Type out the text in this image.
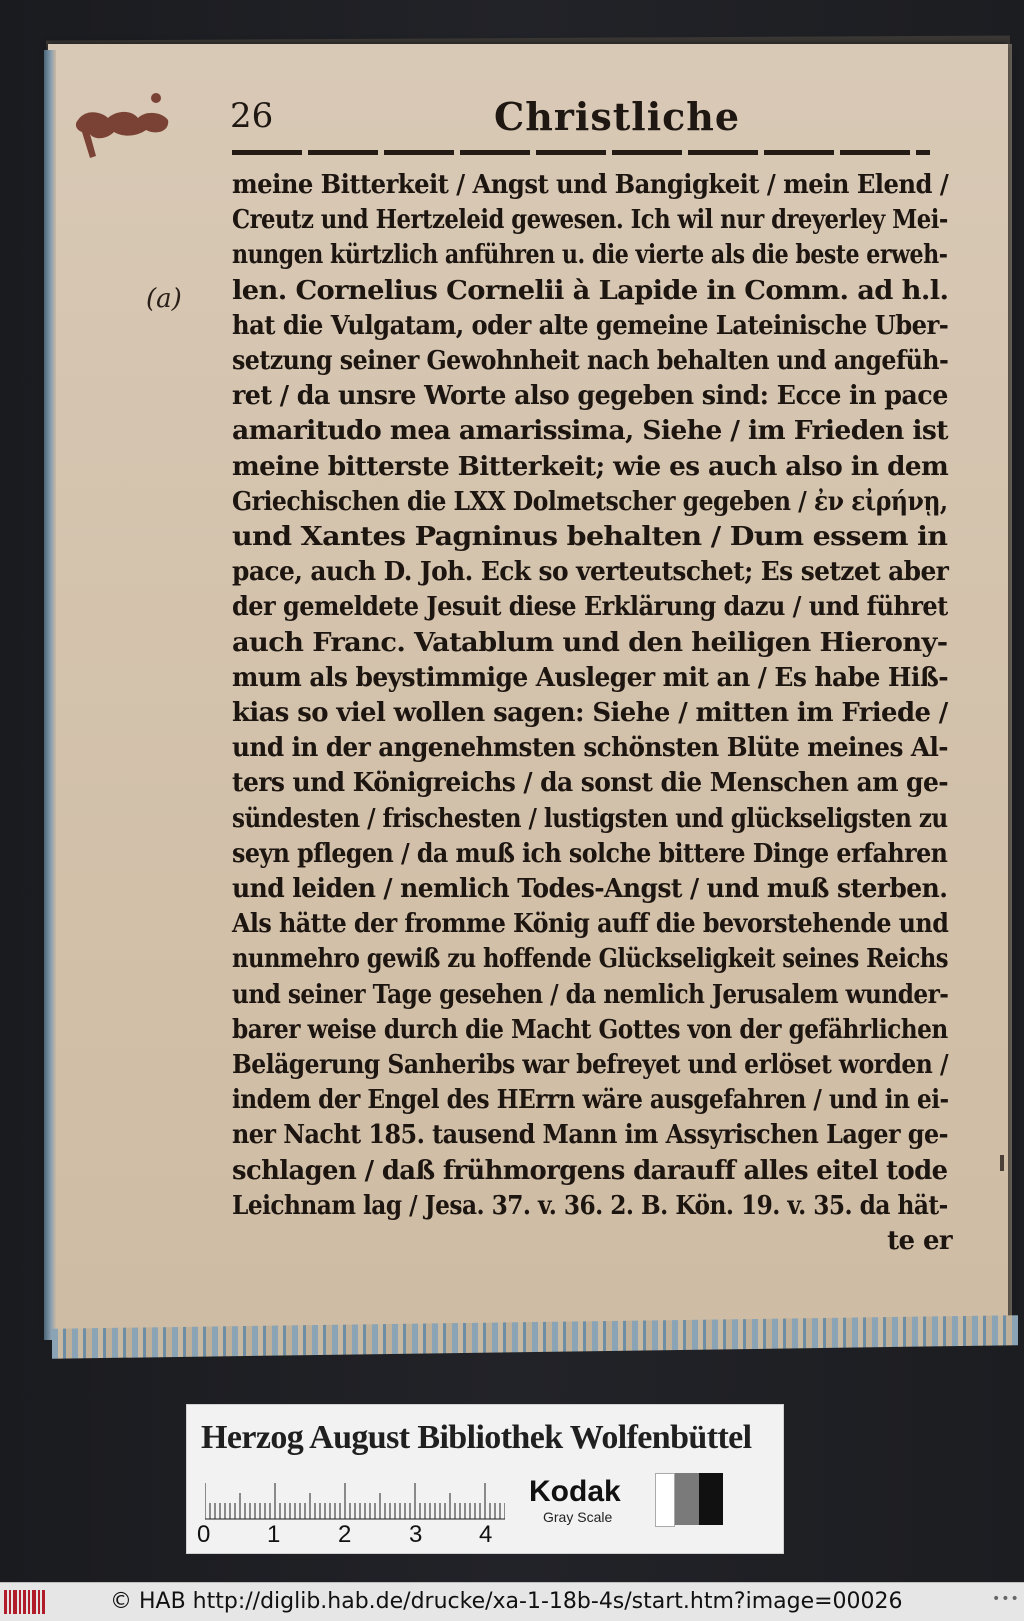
26	Christliche
(a)
meine Bitterkeit / Angst und Bangigkeit / mein Elend /
Creutz und Hertzeleid gewesen. Ich wil nur dreyerley Mei-
nungen kürtzlich anführen u. die vierte als die beste erweh-
len. Cornelius Cornelii à Lapide in Comm. ad h.l.
hat die Vulgatam, oder alte gemeine Lateinische Uber-
setzung seiner Gewohnheit nach behalten und angefüh-
ret / da unsre Worte also gegeben sind: Ecce in pace
amaritudo mea amarissima, Siehe / im Frieden ist
meine bitterste Bitterkeit; wie es auch also in dem
Griechischen die LXX Dolmetscher gegeben / ἐν εἰρήνῃ,
und Xantes Pagninus behalten / Dum essem in
pace, auch D. Joh. Eck so verteutschet; Es setzet aber
der gemeldete Jesuit diese Erklärung dazu / und führet
auch Franc. Vatablum und den heiligen Hierony-
mum als beystimmige Ausleger mit an / Es habe Hiß-
kias so viel wollen sagen: Siehe / mitten im Friede /
und in der angenehmsten schönsten Blüte meines Al-
ters und Königreichs / da sonst die Menschen am ge-
sündesten / frischesten / lustigsten und glückseligsten zu
seyn pflegen / da muß ich solche bittere Dinge erfahren
und leiden / nemlich Todes-Angst / und muß sterben.
Als hätte der fromme König auff die bevorstehende und
nunmehro gewiß zu hoffende Glückseligkeit seines Reichs
und seiner Tage gesehen / da nemlich Jerusalem wunder-
barer weise durch die Macht Gottes von der gefährlichen
Belägerung Sanheribs war befreyet und erlöset worden /
indem der Engel des HErrn wäre ausgefahren / und in ei-
ner Nacht 185. tausend Mann im Assyrischen Lager ge-
schlagen / daß frühmorgens darauff alles eitel tode
Leichnam lag / Jesa. 37. v. 36. 2. B. Kön. 19. v. 35. da hät-
te er
Herzog August Bibliothek Wolfenbüttel
0 1 2 3 4
Kodak
Gray Scale
© HAB http://diglib.hab.de/drucke/xa-1-18b-4s/start.htm?image=00026	•••
